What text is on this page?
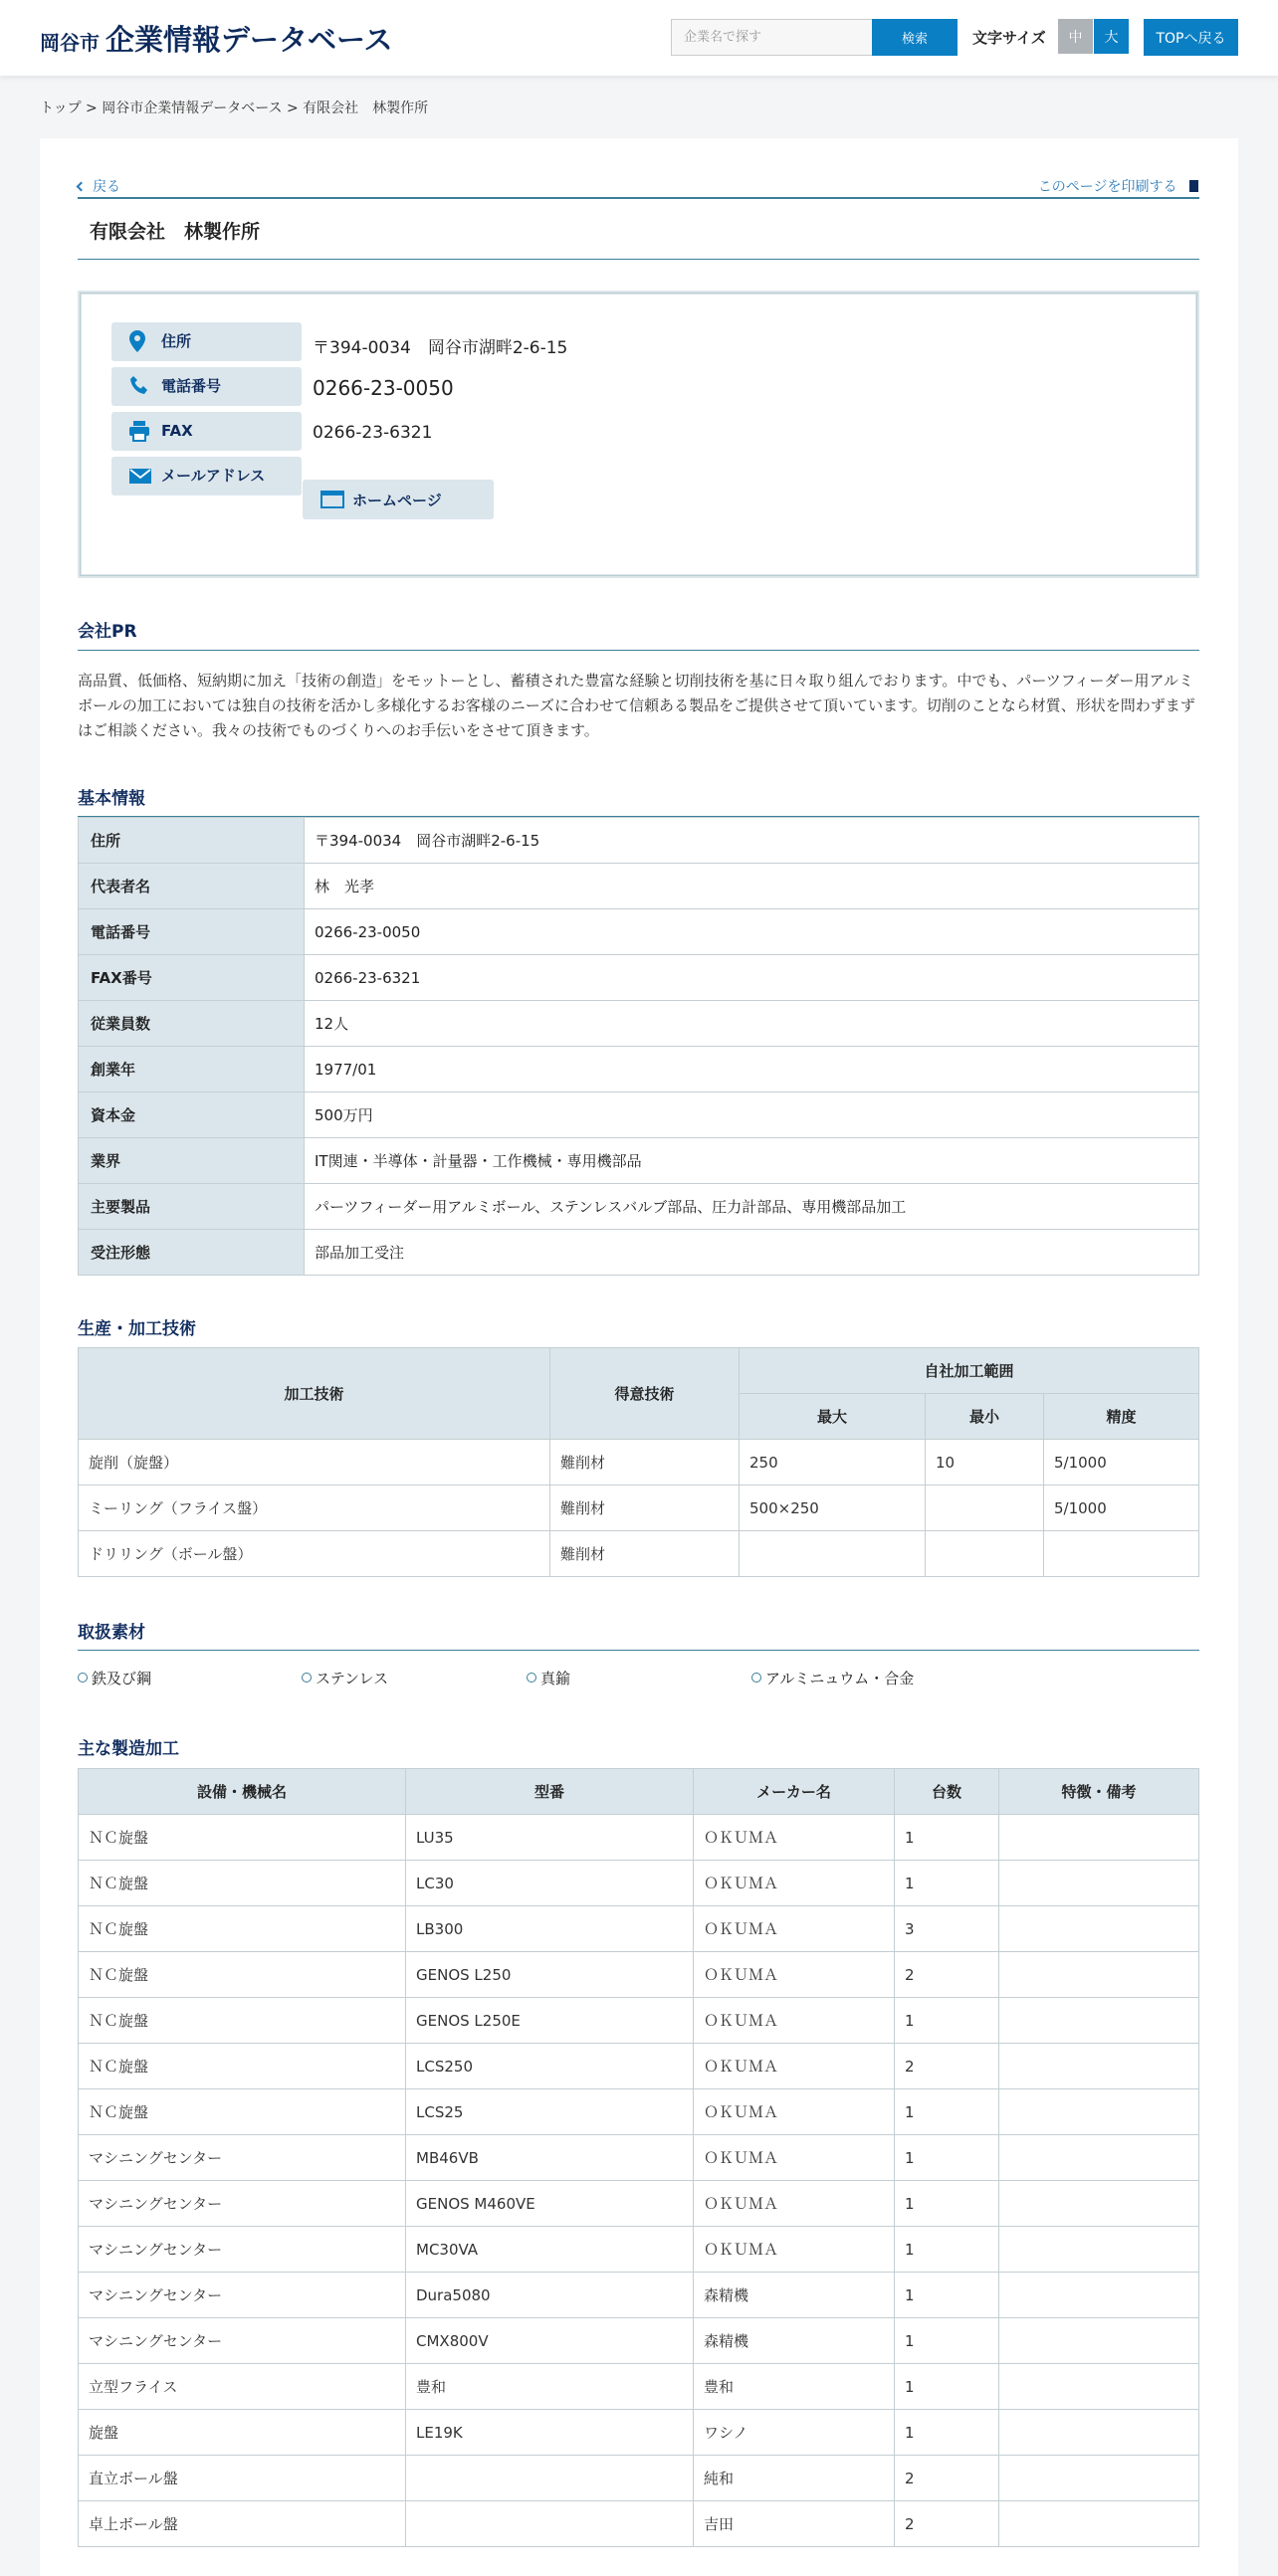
岡谷市 企業情報データベース
企業名で探す	検索	文字サイズ	中	大	TOPへ戻る
トップ > 岡谷市企業情報データベース > 有限会社　林製作所
戻る	このページを印刷する
有限会社　林製作所
住所	〒394-0034　岡谷市湖畔2-6-15
電話番号	0266-23-0050
FAX	0266-23-6321
メールアドレス
ホームページ
会社PR
高品質、低価格、短納期に加え「技術の創造」をモットーとし、蓄積された豊富な経験と切削技術を基に日々取り組んでおります。中でも、パーツフィーダー用アルミボールの加工においては独自の技術を活かし多様化するお客様のニーズに合わせて信頼ある製品をご提供させて頂いています。切削のことなら材質、形状を問わずまずはご相談ください。我々の技術でものづくりへのお手伝いをさせて頂きます。
基本情報
住所	〒394-0034　岡谷市湖畔2-6-15
代表者名	林　光孝
電話番号	0266-23-0050
FAX番号	0266-23-6321
従業員数	12人
創業年	1977/01
資本金	500万円
業界	IT関連・半導体・計量器・工作機械・専用機部品
主要製品	パーツフィーダー用アルミボール、ステンレスバルブ部品、圧力計部品、専用機部品加工
受注形態	部品加工受注
生産・加工技術
加工技術	得意技術	自社加工範囲		
		最大	最小	精度
旋削（旋盤）	難削材	250	10	5/1000
ミーリング（フライス盤）	難削材	500×250		5/1000
ドリリング（ボール盤）	難削材			
取扱素材
鉄及び鋼	ステンレス	真鍮	アルミニュウム・合金
主な製造加工
設備・機械名	型番	メーカー名	台数	特徴・備考
ＮＣ旋盤	LU35	ＯＫＵＭＡ	1	
ＮＣ旋盤	LC30	ＯＫＵＭＡ	1	
ＮＣ旋盤	LB300	ＯＫＵＭＡ	3	
ＮＣ旋盤	GENOS L250	ＯＫＵＭＡ	2	
ＮＣ旋盤	GENOS L250E	ＯＫＵＭＡ	1	
ＮＣ旋盤	LCS250	ＯＫＵＭＡ	2	
ＮＣ旋盤	LCS25	ＯＫＵＭＡ	1	
マシニングセンター	MB46VB	ＯＫＵＭＡ	1	
マシニングセンター	GENOS M460VE	ＯＫＵＭＡ	1	
マシニングセンター	MC30VA	ＯＫＵＭＡ	1	
マシニングセンター	Dura5080	森精機	1	
マシニングセンター	CMX800V	森精機	1	
立型フライス	豊和	豊和	1	
旋盤	LE19K	ワシノ	1	
直立ボール盤		純和	2	
卓上ボール盤		吉田	2	
